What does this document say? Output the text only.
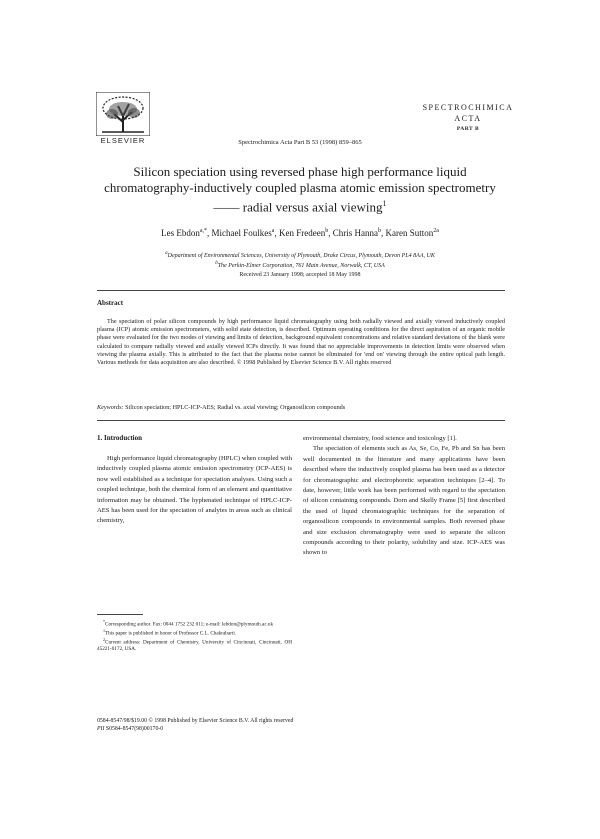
ELSEVIER	Spectrochimica Acta Part B 53 (1998) 859–865
SPECTROCHIMICA
ACTA
PART B
Silicon speciation using reversed phase high performance liquid chromatography-inductively coupled plasma atomic emission spectrometry —— radial versus axial viewing$^1$
Les Ebdon$^{a,*}$, Michael Foulkes$^a$, Ken Fredeen$^b$, Chris Hanna$^b$, Karen Sutton$^{2a}$
$^a$Department of Environmental Sciences, University of Plymouth, Drake Circus, Plymouth, Devon PL4 8AA, UK
$^b$The Perkin-Elmer Corporation, 761 Main Avenue, Norwalk, CT, USA
Received 23 January 1998; accepted 18 May 1998
Abstract
The speciation of polar silicon compounds by high performance liquid chromatography using both radially viewed and axially viewed inductively coupled plasma (ICP) atomic emission spectrometers, with solid state detection, is described. Optimum operating conditions for the direct aspiration of an organic mobile phase were evaluated for the two modes of viewing and limits of detection, background equivalent concentrations and relative standard deviations of the blank were calculated to compare radially viewed and axially viewed ICPs directly. It was found that no appreciable improvements in detection limits were observed when viewing the plasma axially. This is attributed to the fact that the plasma noise cannot be eliminated for 'end on' viewing through the entire optical path length. Various methods for data acquisition are also described. © 1998 Published by Elsevier Science B.V. All rights reserved
Keywords: Silicon speciation; HPLC-ICP-AES; Radial vs. axial viewing; Organosilicon compounds
1. Introduction

High performance liquid chromatography (HPLC) when coupled with inductively coupled plasma atomic emission spectrometry (ICP-AES) is now well established as a technique for speciation analyses. Using such a coupled technique, both the chemical form of an element and quantitative information may be obtained. The hyphenated technique of HPLC-ICP-AES has been used for the speciation of analytes in areas such as clinical chemistry,

environmental chemistry, food science and toxicology [1].

The speciation of elements such as As, Se, Co, Fe, Pb and Sn has been well documented in the literature and many applications have been described where the inductively coupled plasma has been used as a detector for chromatographic and electrophoretic separation techniques [2–4]. To date, however, little work has been performed with regard to the speciation of silicon containing compounds. Dorn and Skelly Frame [5] first described the used of liquid chromatographic techniques for the separation of organosilicon compounds in environmental samples. Both reversed phase and size exclusion chromatography were used to separate the silicon compounds according to their polarity, solubility and size. ICP-AES was shown to

*Corresponding author. Fax: 0044 1752 232 011; e-mail: lebdon@plymouth.ac.uk

$^1$This paper is published in honor of Professor C.L. Chakrabarti.

$^2$Current address: Department of Chemistry, University of Cincinnati, Cincinnati, OH 45221-0172, USA.

0584-8547/98/$19.00 © 1998 Published by Elsevier Science B.V. All rights reserved
PII S0584-8547(98)00170-0
